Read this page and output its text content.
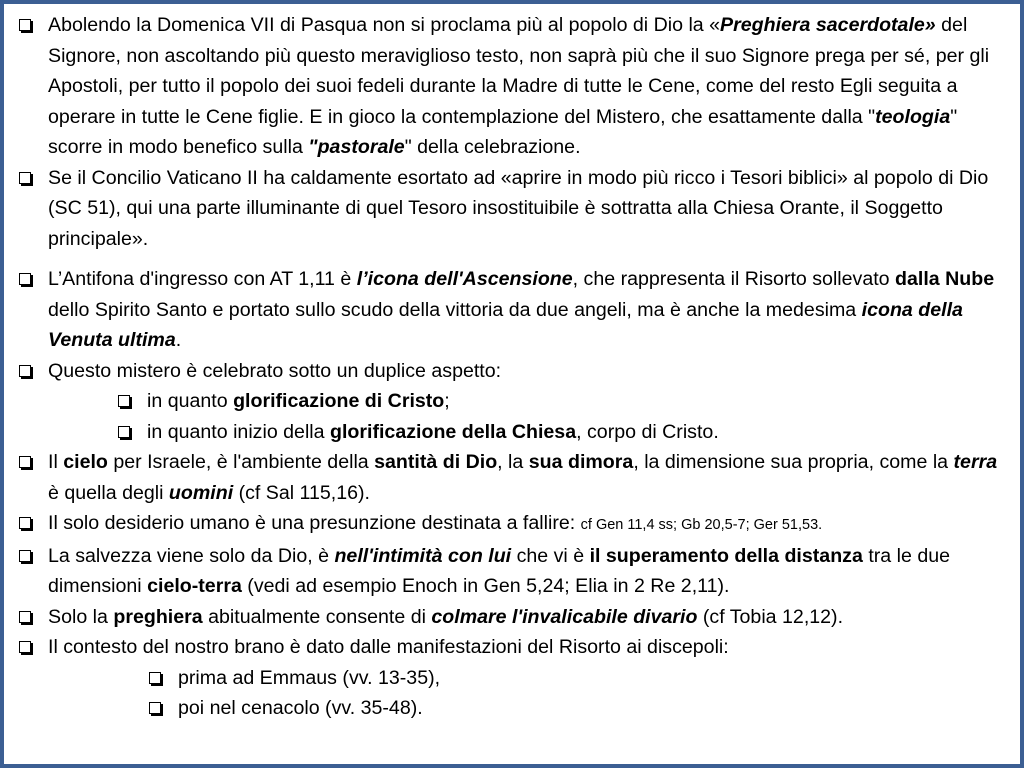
Abolendo la Domenica VII di Pasqua non si proclama più al popolo di Dio la «Preghiera sacerdotale» del Signore, non ascoltando più questo meraviglioso testo, non saprà più che il suo Signore prega per sé, per gli Apostoli, per tutto il popolo dei suoi fedeli durante la Madre di tutte le Cene, come del resto Egli seguita a operare in tutte le Cene figlie. E in gioco la contemplazione del Mistero, che esattamente dalla "teologia" scorre in modo benefico sulla "pastorale" della celebrazione.
Se il Concilio Vaticano II ha caldamente esortato ad «aprire in modo più ricco i Tesori biblici» al popolo di Dio (SC 51), qui una parte illuminante di quel Tesoro insostituibile è sottratta alla Chiesa Orante, il Soggetto principale».
L’Antifona d'ingresso con AT 1,11 è l’icona dell'Ascensione, che rappresenta il Risorto sollevato dalla Nube dello Spirito Santo e portato sullo scudo della vittoria da due angeli, ma è anche la medesima icona della Venuta ultima.
Questo mistero è celebrato sotto un duplice aspetto:
in quanto glorificazione di Cristo;
in quanto inizio della glorificazione della Chiesa, corpo di Cristo.
Il cielo per Israele, è l'ambiente della santità di Dio, la sua dimora, la dimensione sua propria, come la terra è quella degli uomini (cf Sal 115,16).
Il solo desiderio umano è una presunzione destinata a fallire: cf Gen 11,4 ss; Gb 20,5-7; Ger 51,53.
La salvezza viene solo da Dio, è nell'intimità con lui che vi è il superamento della distanza tra le due dimensioni cielo-terra (vedi ad esempio Enoch in Gen 5,24; Elia in 2 Re 2,11).
Solo la preghiera abitualmente consente di colmare l'invalicabile divario (cf Tobia 12,12).
Il contesto del nostro brano è dato dalle manifestazioni del Risorto ai discepoli:
prima ad Emmaus (vv. 13-35),
poi nel cenacolo (vv. 35-48).
